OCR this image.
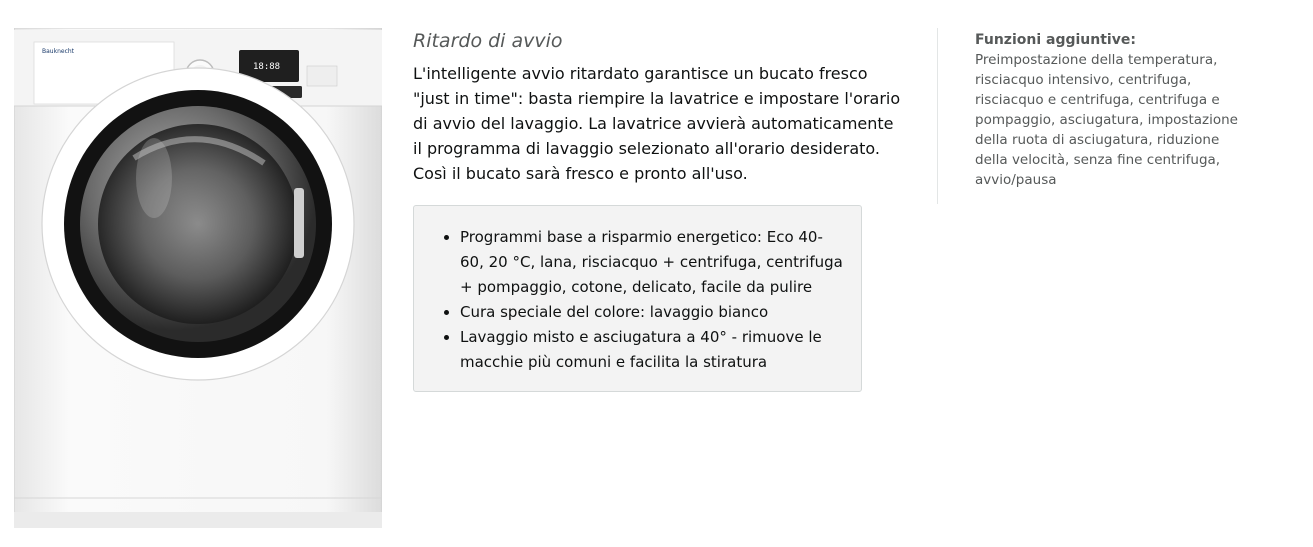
Bauknecht
18:88
Ritardo di avvio

L'intelligente avvio ritardato garantisce un bucato fresco "just in time": basta riempire la lavatrice e impostare l'orario di avvio del lavaggio. La lavatrice avvierà automaticamente il programma di lavaggio selezionato all'orario desiderato. Così il bucato sarà fresco e pronto all'uso.

Programmi base a risparmio energetico: Eco 40-60, 20 °C, lana, risciacquo + centrifuga, centrifuga + pompaggio, cotone, delicato, facile da pulire
Cura speciale del colore: lavaggio bianco
Lavaggio misto e asciugatura a 40° - rimuove le macchie più comuni e facilita la stiratura
Funzioni aggiuntive:
Preimpostazione della temperatura, risciacquo intensivo, centrifuga, risciacquo e centrifuga, centrifuga e pompaggio, asciugatura, impostazione della ruota di asciugatura, riduzione della velocità, senza fine centrifuga, avvio/pausa
